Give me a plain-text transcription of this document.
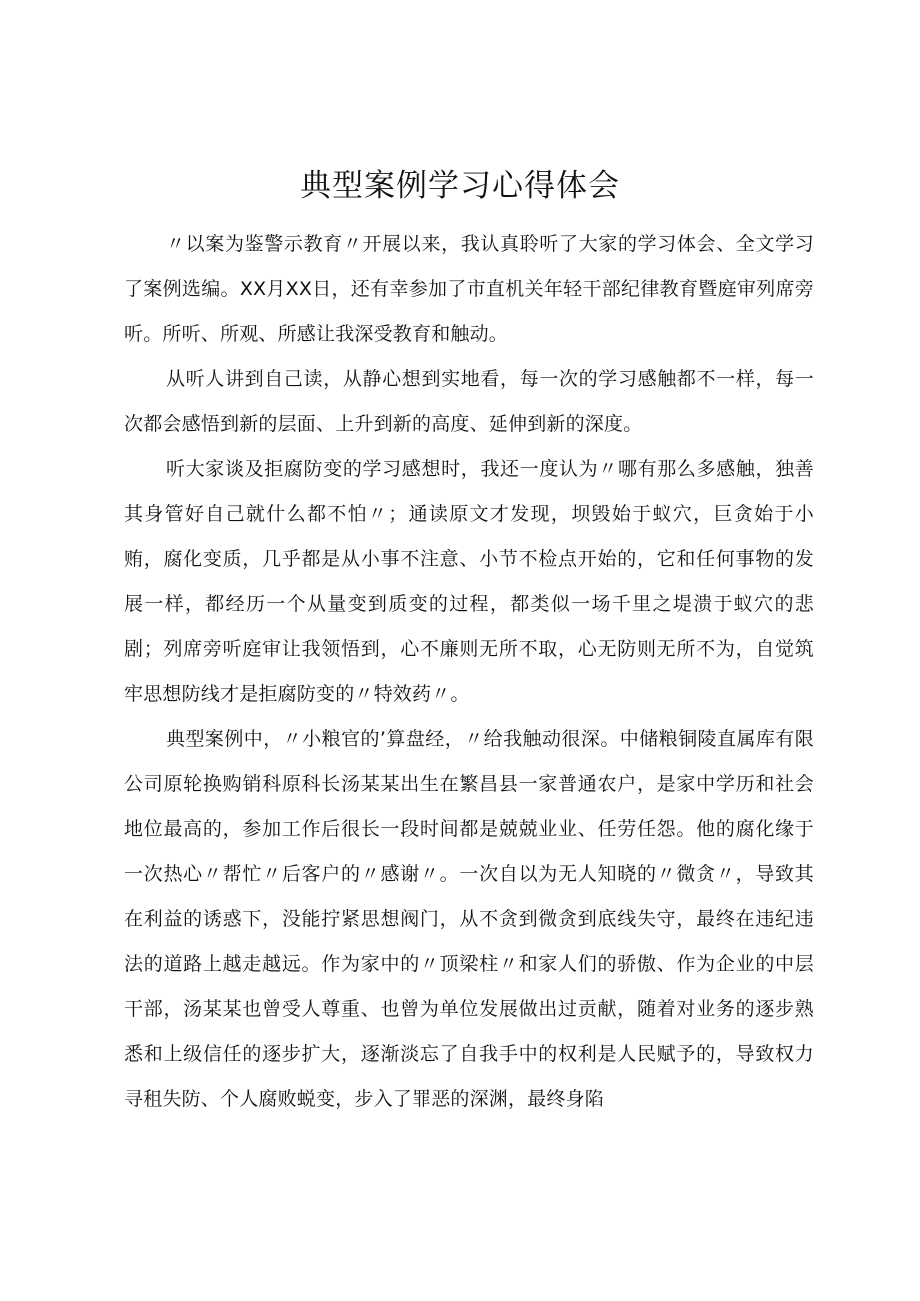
典型案例学习心得体会

〃以案为鉴警示教育〃开展以来，我认真聆听了大家的学习体会、全文学习了案例选编。XX月XX日，还有幸参加了市直机关年轻干部纪律教育暨庭审列席旁听。所听、所观、所感让我深受教育和触动。

从听人讲到自己读，从静心想到实地看，每一次的学习感触都不一样，每一次都会感悟到新的层面、上升到新的高度、延伸到新的深度。

听大家谈及拒腐防变的学习感想时，我还一度认为〃哪有那么多感触，独善其身管好自己就什么都不怕〃；通读原文才发现，坝毁始于蚁穴，巨贪始于小贿，腐化变质，几乎都是从小事不注意、小节不检点开始的，它和任何事物的发展一样，都经历一个从量变到质变的过程，都类似一场千里之堤溃于蚁穴的悲剧；列席旁听庭审让我领悟到，心不廉则无所不取，心无防则无所不为，自觉筑牢思想防线才是拒腐防变的〃特效药〃。

典型案例中，〃小粮官的’算盘经，〃给我触动很深。中储粮铜陵直属库有限公司原轮换购销科原科长汤某某出生在繁昌县一家普通农户，是家中学历和社会地位最高的，参加工作后很长一段时间都是兢兢业业、任劳任怨。他的腐化缘于一次热心〃帮忙〃后客户的〃感谢〃。一次自以为无人知晓的〃微贪〃，导致其在利益的诱惑下，没能拧紧思想阀门，从不贪到微贪到底线失守，最终在违纪违法的道路上越走越远。作为家中的〃顶梁柱〃和家人们的骄傲、作为企业的中层干部，汤某某也曾受人尊重、也曾为单位发展做出过贡献，随着对业务的逐步熟悉和上级信任的逐步扩大，逐渐淡忘了自我手中的权利是人民赋予的，导致权力寻租失防、个人腐败蜕变，步入了罪恶的深渊，最终身陷
